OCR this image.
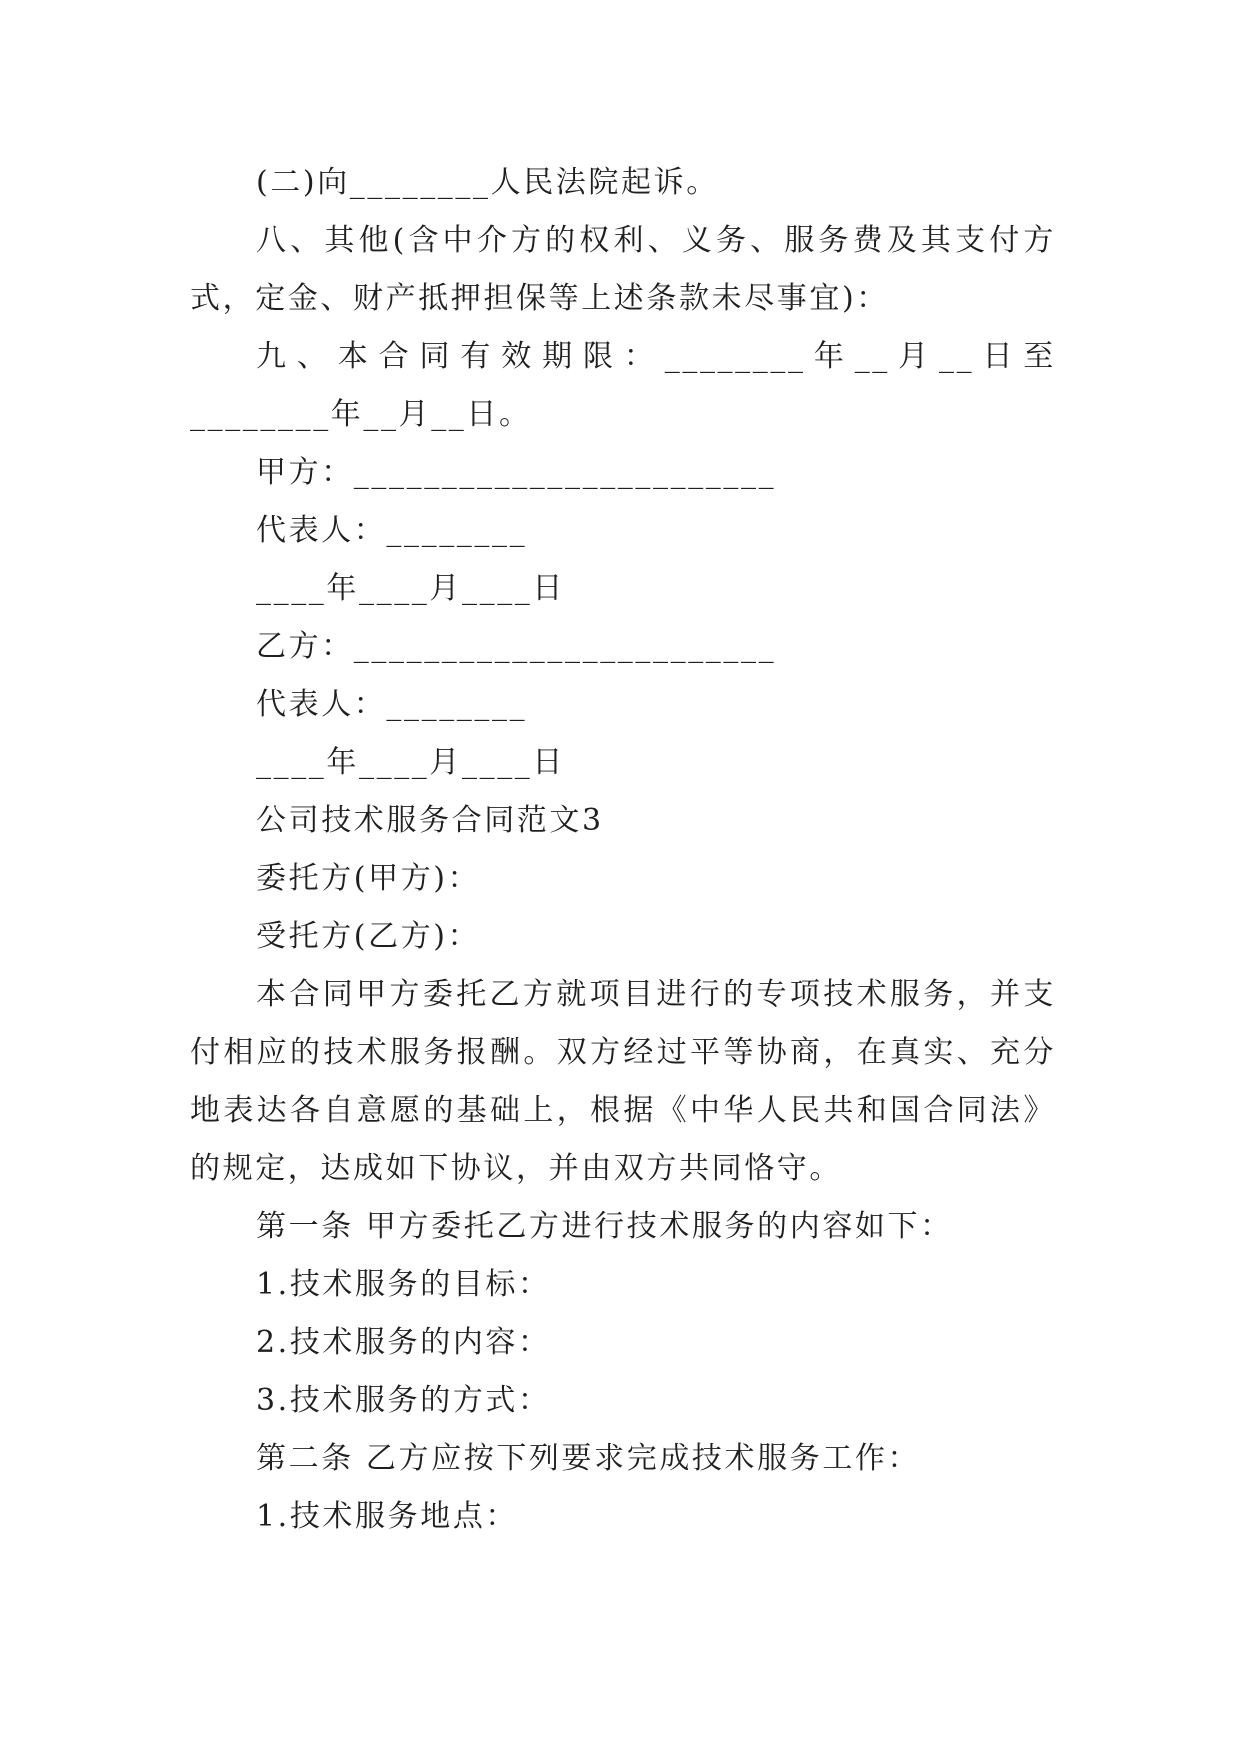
(二)向________人民法院起诉。

八、其他(含中介方的权利、义务、服务费及其支付方式，定金、财产抵押担保等上述条款未尽事宜)：

九、本合同有效期限：________年__月__日至________年__月__日。

甲方：________________________

代表人：________

____年____月____日

乙方：________________________

代表人：________

____年____月____日

公司技术服务合同范文3

委托方(甲方)：

受托方(乙方)：

本合同甲方委托乙方就项目进行的专项技术服务，并支付相应的技术服务报酬。双方经过平等协商，在真实、充分地表达各自意愿的基础上，根据《中华人民共和国合同法》的规定，达成如下协议，并由双方共同恪守。

第一条 甲方委托乙方进行技术服务的内容如下：

1.技术服务的目标：

2.技术服务的内容：

3.技术服务的方式：

第二条 乙方应按下列要求完成技术服务工作：

1.技术服务地点：
